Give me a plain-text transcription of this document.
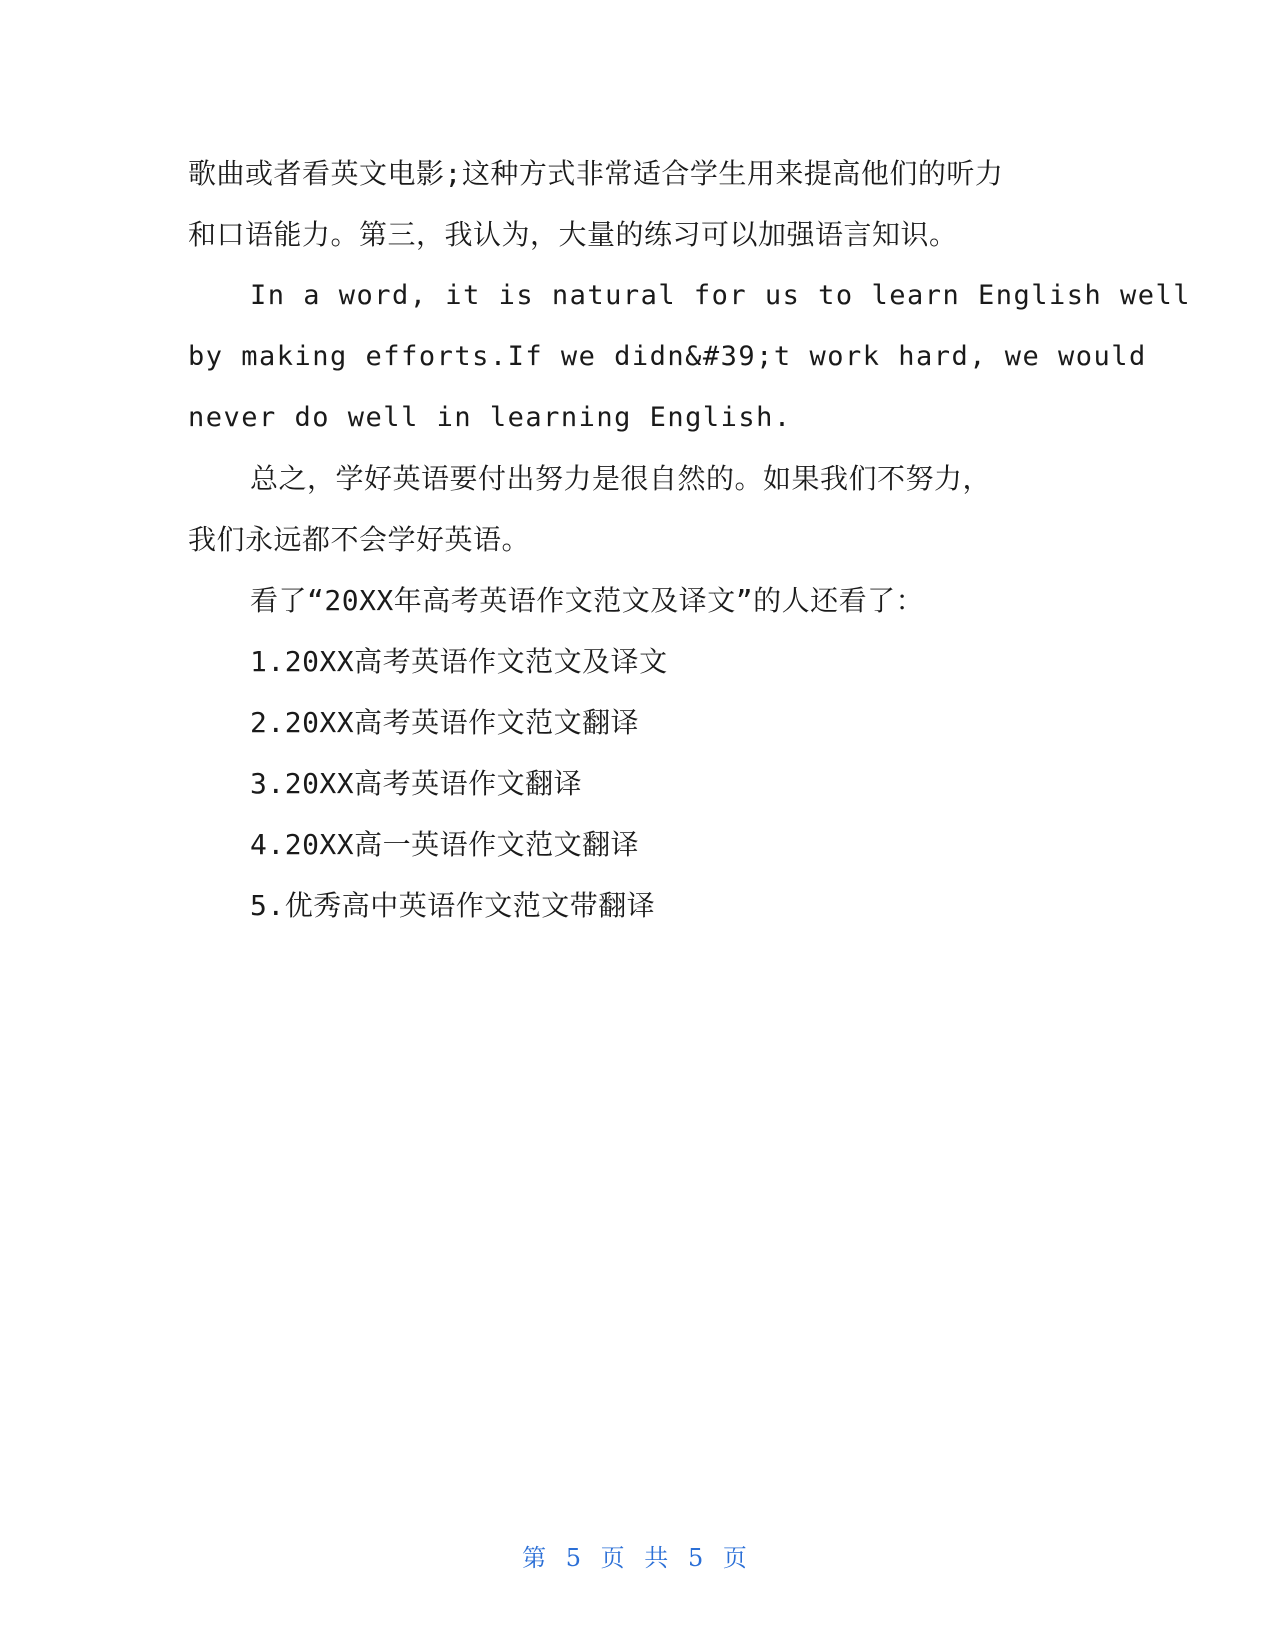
歌曲或者看英文电影;这种方式非常适合学生用来提高他们的听力
和口语能力。第三，我认为，大量的练习可以加强语言知识。
In a word, it is natural for us to learn English well
by making efforts.If we didn&#39;t work hard, we would
never do well in learning English.
总之，学好英语要付出努力是很自然的。如果我们不努力，
我们永远都不会学好英语。
看了“20XX年高考英语作文范文及译文”的人还看了：
1.20XX高考英语作文范文及译文
2.20XX高考英语作文范文翻译
3.20XX高考英语作文翻译
4.20XX高一英语作文范文翻译
5.优秀高中英语作文范文带翻译
第 5 页 共 5 页
